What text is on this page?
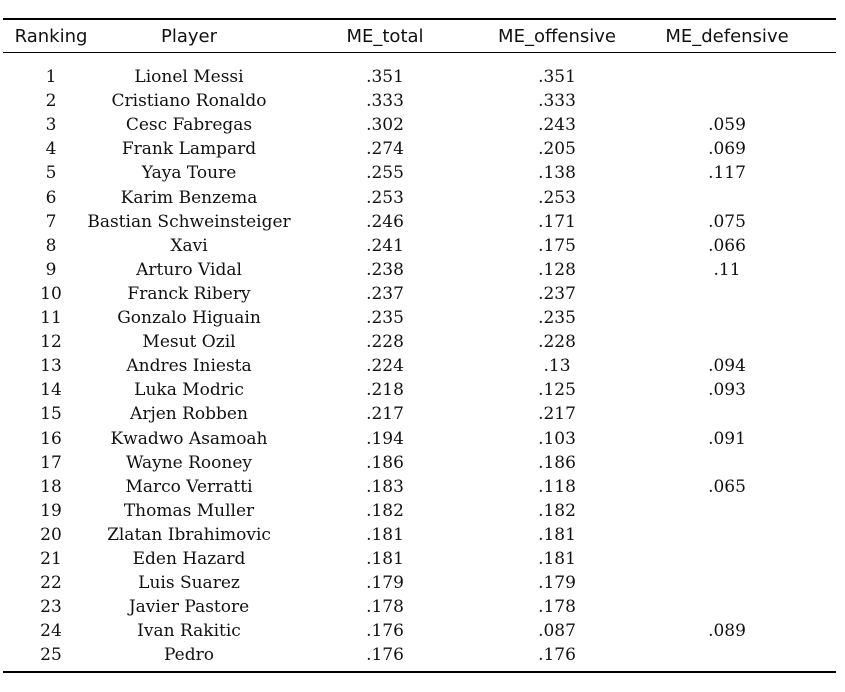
Ranking	Player	ME_total	ME_offensive	ME_defensive
1	Lionel Messi	.351	.351
2	Cristiano Ronaldo	.333	.333
3	Cesc Fabregas	.302	.243	.059
4	Frank Lampard	.274	.205	.069
5	Yaya Toure	.255	.138	.117
6	Karim Benzema	.253	.253
7 Bastian Schweinsteiger	.246	.171	.075
8	Xavi	.241	.175	.066
9	Arturo Vidal	.238	.128	.11
10	Franck Ribery	.237	.237
11	Gonzalo Higuain	.235	.235
12	Mesut Ozil	.228	.228
13	Andres Iniesta	.224	.13	.094
14	Luka Modric	.218	.125	.093
15	Arjen Robben	.217	.217
16	Kwadwo Asamoah	.194	.103	.091
17	Wayne Rooney	.186	.186
18	Marco Verratti	.183	.118	.065
19	Thomas Muller	.182	.182
20	Zlatan Ibrahimovic	.181	.181
21	Eden Hazard	.181	.181
22	Luis Suarez	.179	.179
23	Javier Pastore	.178	.178
24	Ivan Rakitic	.176	.087	.089
25	Pedro	.176	.176
